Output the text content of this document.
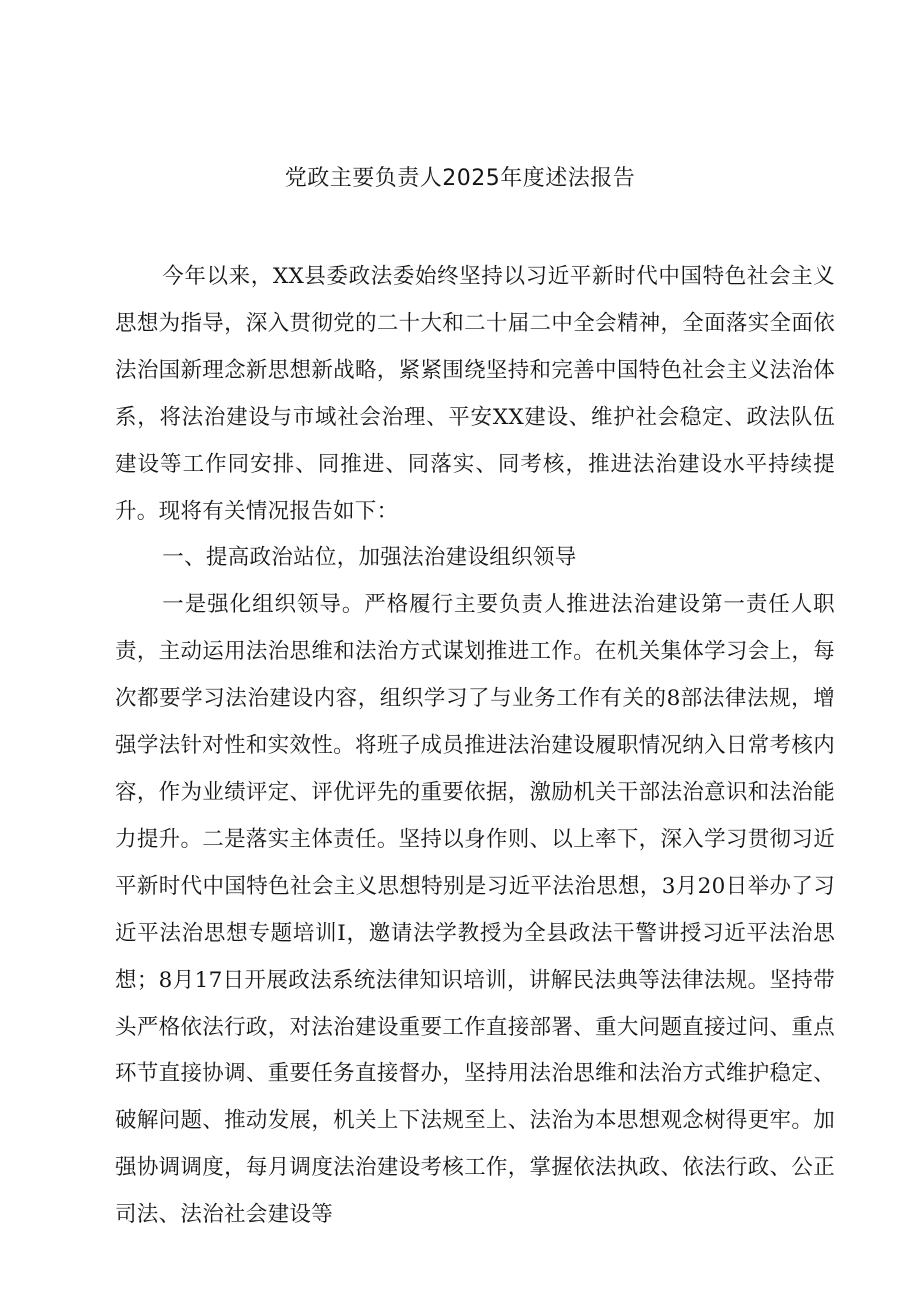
党政主要负责人2025年度述法报告

今年以来，XX县委政法委始终坚持以习近平新时代中国特色社会主义思想为指导，深入贯彻党的二十大和二十届二中全会精神，全面落实全面依法治国新理念新思想新战略，紧紧围绕坚持和完善中国特色社会主义法治体系，将法治建设与市域社会治理、平安XX建设、维护社会稳定、政法队伍建设等工作同安排、同推进、同落实、同考核，推进法治建设水平持续提升。现将有关情况报告如下：

一、提高政治站位，加强法治建设组织领导

一是强化组织领导。严格履行主要负责人推进法治建设第一责任人职责，主动运用法治思维和法治方式谋划推进工作。在机关集体学习会上，每次都要学习法治建设内容，组织学习了与业务工作有关的8部法律法规，增强学法针对性和实效性。将班子成员推进法治建设履职情况纳入日常考核内容，作为业绩评定、评优评先的重要依据，激励机关干部法治意识和法治能力提升。二是落实主体责任。坚持以身作则、以上率下，深入学习贯彻习近平新时代中国特色社会主义思想特别是习近平法治思想，3月20日举办了习近平法治思想专题培训I，邀请法学教授为全县政法干警讲授习近平法治思想；8月17日开展政法系统法律知识培训，讲解民法典等法律法规。坚持带头严格依法行政，对法治建设重要工作直接部署、重大问题直接过问、重点环节直接协调、重要任务直接督办，坚持用法治思维和法治方式维护稳定、破解问题、推动发展，机关上下法规至上、法治为本思想观念树得更牢。加强协调调度，每月调度法治建设考核工作，掌握依法执政、依法行政、公正司法、法治社会建设等
